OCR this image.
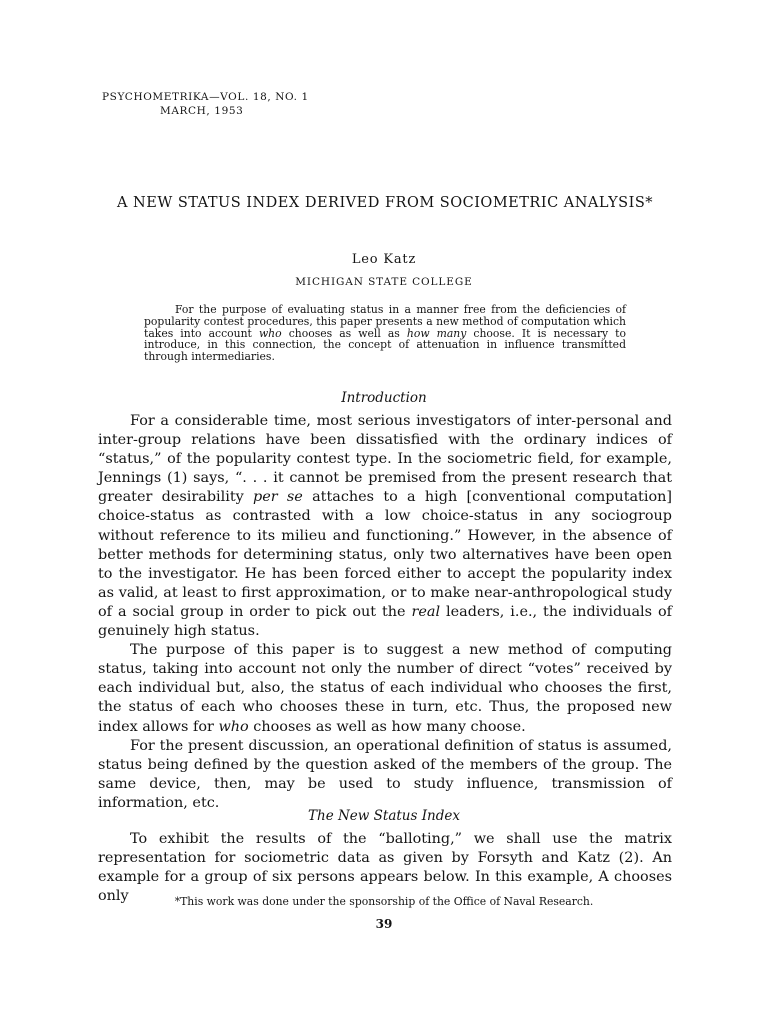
PSYCHOMETRIKA—VOL. 18, NO. 1
MARCH, 1953
A NEW STATUS INDEX DERIVED FROM SOCIOMETRIC ANALYSIS*
Leo Katz
MICHIGAN STATE COLLEGE

For the purpose of evaluating status in a manner free from the deficiencies of popularity contest procedures, this paper presents a new method of computation which takes into account who chooses as well as how many choose. It is necessary to introduce, in this connection, the concept of attenuation in influence transmitted through intermediaries.

Introduction

For a considerable time, most serious investigators of inter-personal and inter-group relations have been dissatisfied with the ordinary indices of “status,” of the popularity contest type. In the sociometric field, for example, Jennings (1) says, “. . . it cannot be premised from the present research that greater desirability per se attaches to a high [conventional computation] choice-status as contrasted with a low choice-status in any sociogroup without reference to its milieu and functioning.” However, in the absence of better methods for determining status, only two alternatives have been open to the investigator. He has been forced either to accept the popularity index as valid, at least to first approximation, or to make near-anthropological study of a social group in order to pick out the real leaders, i.e., the individuals of genuinely high status.

The purpose of this paper is to suggest a new method of computing status, taking into account not only the number of direct “votes” received by each individual but, also, the status of each individual who chooses the first, the status of each who chooses these in turn, etc. Thus, the proposed new index allows for who chooses as well as how many choose.

For the present discussion, an operational definition of status is assumed, status being defined by the question asked of the members of the group. The same device, then, may be used to study influence, transmission of information, etc.

The New Status Index

To exhibit the results of the “balloting,” we shall use the matrix representation for sociometric data as given by Forsyth and Katz (2). An example for a group of six persons appears below. In this example, A chooses only	*This work was done under the sponsorship of the Office of Naval Research.
39
